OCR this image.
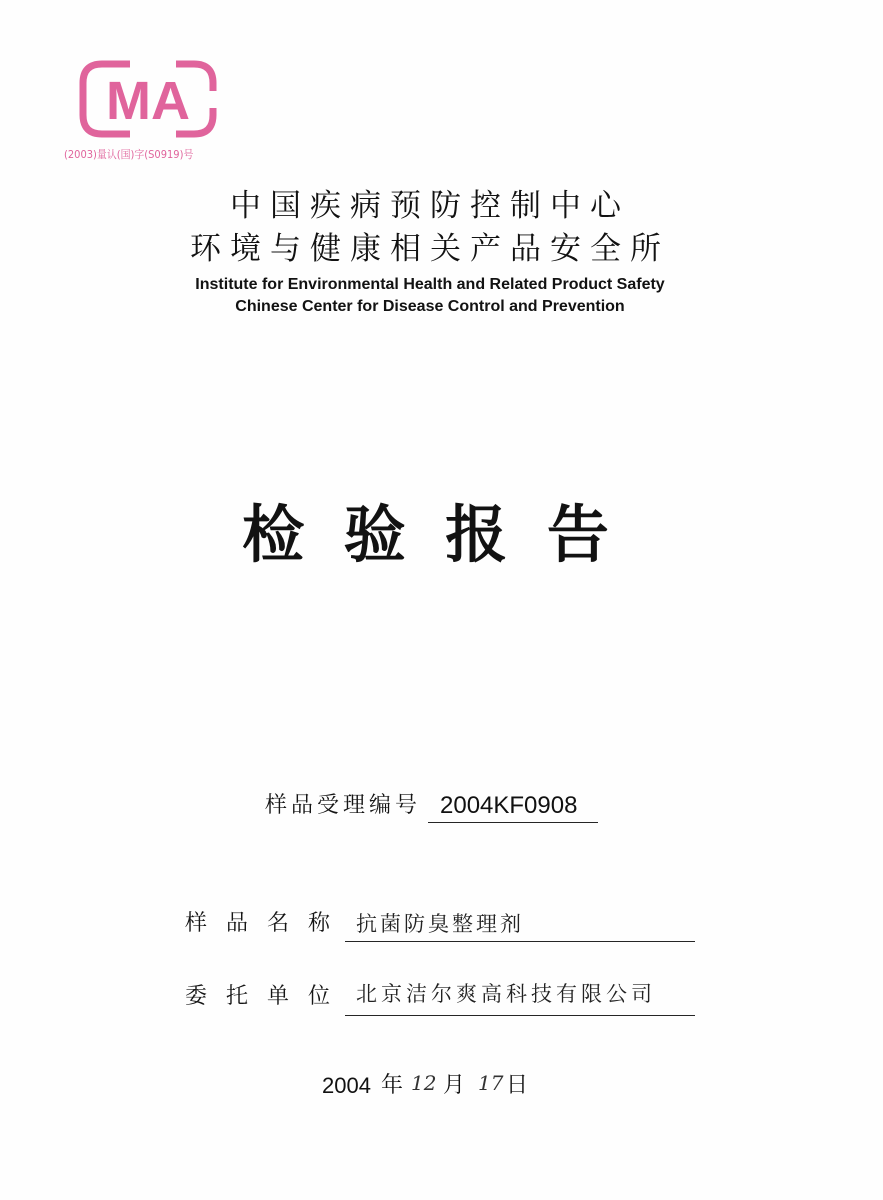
MA
(2003)量认(国)字(S0919)号
中国疾病预防控制中心
环境与健康相关产品安全所
Institute for Environmental Health and Related Product Safety
Chinese Center for Disease Control and Prevention
检 验 报 告
样品受理编号 2004KF0908
样 品 名 称 抗菌防臭整理剂
委 托 单 位 北京洁尔爽高科技有限公司
2004 年 12 月 17 日
